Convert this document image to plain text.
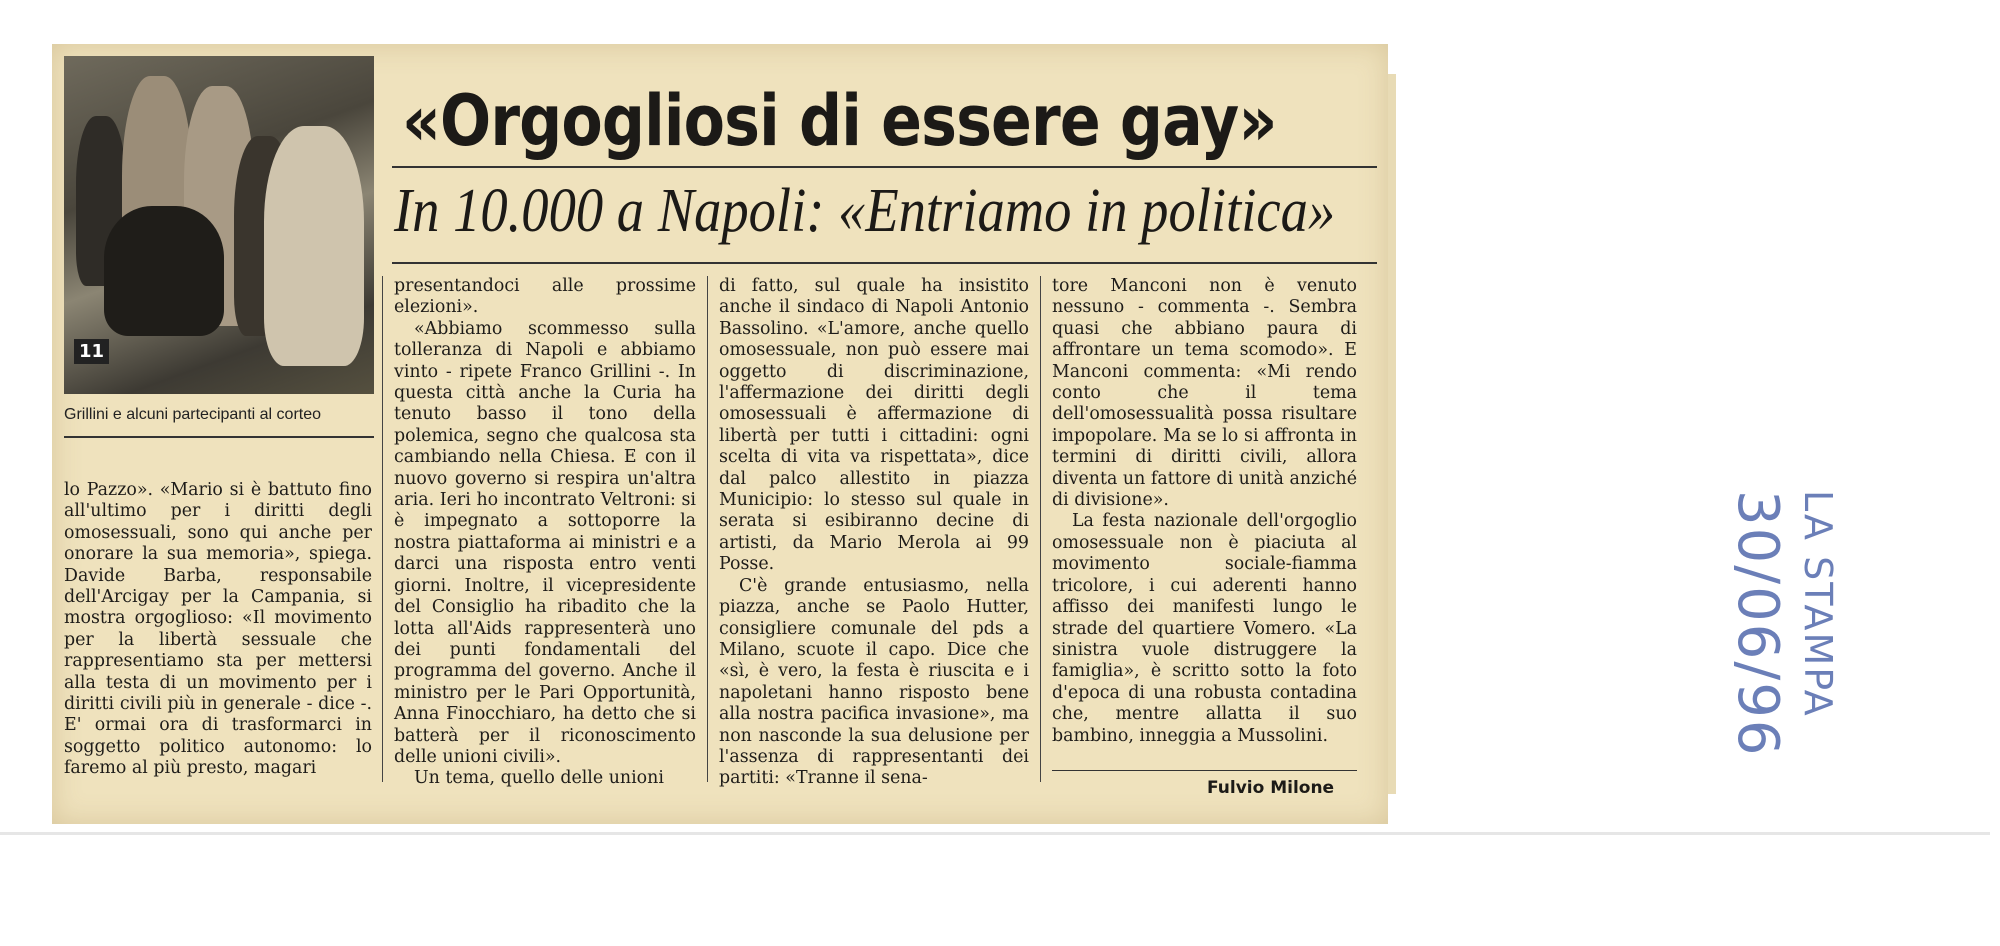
11
Grillini e alcuni partecipanti al corteo
«Orgogliosi di essere gay»
In 10.000 a Napoli: «Entriamo in politica»

lo Pazzo». «Mario si è battuto fino all'ultimo per i diritti degli omosessuali, sono qui anche per onorare la sua memoria», spiega. Davide Barba, responsabile dell'Arcigay per la Campania, si mostra orgoglioso: «Il movimento per la libertà sessuale che rappresentiamo sta per mettersi alla testa di un movimento per i diritti civili più in generale - dice -. E' ormai ora di trasformarci in soggetto politico autonomo: lo faremo al più presto, magari

presentandoci alle prossime elezioni».

«Abbiamo scommesso sulla tolleranza di Napoli e abbiamo vinto - ripete Franco Grillini -. In questa città anche la Curia ha tenuto basso il tono della polemica, segno che qualcosa sta cambiando nella Chiesa. E con il nuovo governo si respira un'altra aria. Ieri ho incontrato Veltroni: si è impegnato a sottoporre la nostra piattaforma ai ministri e a darci una risposta entro venti giorni. Inoltre, il vicepresidente del Consiglio ha ribadito che la lotta all'Aids rappresenterà uno dei punti fondamentali del programma del governo. Anche il ministro per le Pari Opportunità, Anna Finocchiaro, ha detto che si batterà per il riconoscimento delle unioni civili».

Un tema, quello delle unioni

di fatto, sul quale ha insistito anche il sindaco di Napoli Antonio Bassolino. «L'amore, anche quello omosessuale, non può essere mai oggetto di discriminazione, l'affermazione dei diritti degli omosessuali è affermazione di libertà per tutti i cittadini: ogni scelta di vita va rispettata», dice dal palco allestito in piazza Municipio: lo stesso sul quale in serata si esibiranno decine di artisti, da Mario Merola ai 99 Posse.

C'è grande entusiasmo, nella piazza, anche se Paolo Hutter, consigliere comunale del pds a Milano, scuote il capo. Dice che «sì, è vero, la festa è riuscita e i napoletani hanno risposto bene alla nostra pacifica invasione», ma non nasconde la sua delusione per l'assenza di rappresentanti dei partiti: «Tranne il sena-

tore Manconi non è venuto nessuno - commenta -. Sembra quasi che abbiano paura di affrontare un tema scomodo». E Manconi commenta: «Mi rendo conto che il tema dell'omosessualità possa risultare impopolare. Ma se lo si affronta in termini di diritti civili, allora diventa un fattore di unità anziché di divisione».

La festa nazionale dell'orgoglio omosessuale non è piaciuta al movimento sociale-fiamma tricolore, i cui aderenti hanno affisso dei manifesti lungo le strade del quartiere Vomero. «La sinistra vuole distruggere la famiglia», è scritto sotto la foto d'epoca di una robusta contadina che, mentre allatta il suo bambino, inneggia a Mussolini.

Fulvio Milone
LA STAMPA
30/06/96
